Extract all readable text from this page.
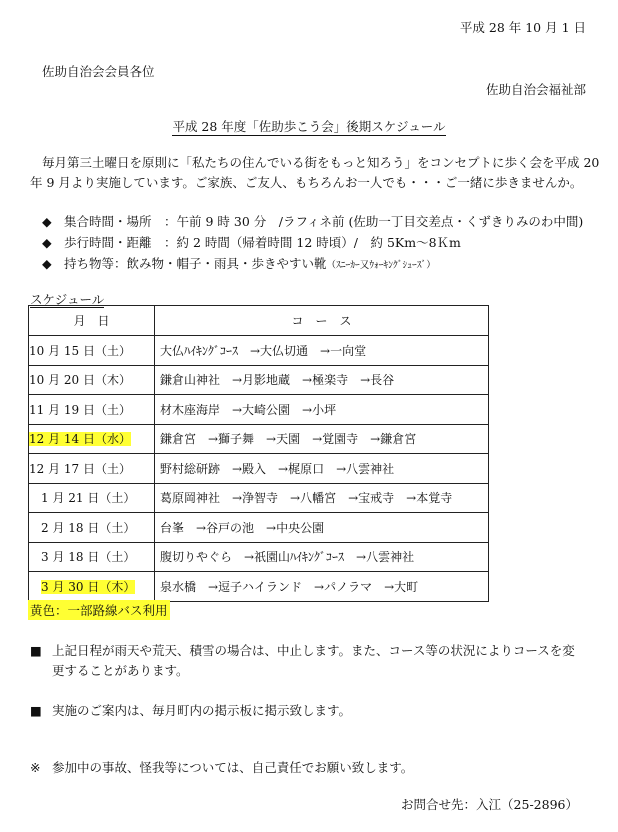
平成 28 年 10 月 1 日
佐助自治会会員各位
佐助自治会福祉部
平成 28 年度「佐助歩こう会」後期スケジュール
毎月第三土曜日を原則に「私たちの住んでいる街をもっと知ろう」をコンセプトに歩く会を平成 20 年 9 月より実施しています。ご家族、ご友人、もちろんお一人でも・・・ご一緒に歩きませんか。
◆ 集合時間・場所　：午前 9 時 30 分　/ラフィネ前 (佐助一丁目交差点・くずきりみのわ中間)
◆ 歩行時間・距離　：約 2 時間（帰着時間 12 時頃）/　約 5Km～8Ｋm
◆ 持ち物等：飲み物・帽子・雨具・歩きやすい靴（ｽﾆｰｶｰ又ｳｫｰｷﾝｸﾞｼｭｰｽﾞ）
スケジュール
月　日	コ　ー　ス
10 月 15 日（土）	大仏ﾊｲｷﾝｸﾞｺｰｽ　→大仏切通　→一向堂
10 月 20 日（木）	鎌倉山神社　→月影地蔵　→極楽寺　→長谷
11 月 19 日（土）	材木座海岸　→大崎公園　→小坪
12 月 14 日（水）	鎌倉宮　→獅子舞　→天園　→覚園寺　→鎌倉宮
12 月 17 日（土）	野村総研跡　→殿入　→梶原口　→八雲神社
1 月 21 日（土）	葛原岡神社　→浄智寺　→八幡宮　→宝戒寺　→本覚寺
2 月 18 日（土）	台峯　→谷戸の池　→中央公園
3 月 18 日（土）	腹切りやぐら　→祇園山ﾊｲｷﾝｸﾞｺｰｽ　→八雲神社
3 月 30 日（木）	泉水橋　→逗子ハイランド　→パノラマ　→大町
黄色：一部路線バス利用
■ 上記日程が雨天や荒天、積雪の場合は、中止します。また、コース等の状況によりコースを変
更することがあります。
■ 実施のご案内は、毎月町内の掲示板に掲示致します。
※ 参加中の事故、怪我等については、自己責任でお願い致します。
お問合せ先：入江（25‐2896）
